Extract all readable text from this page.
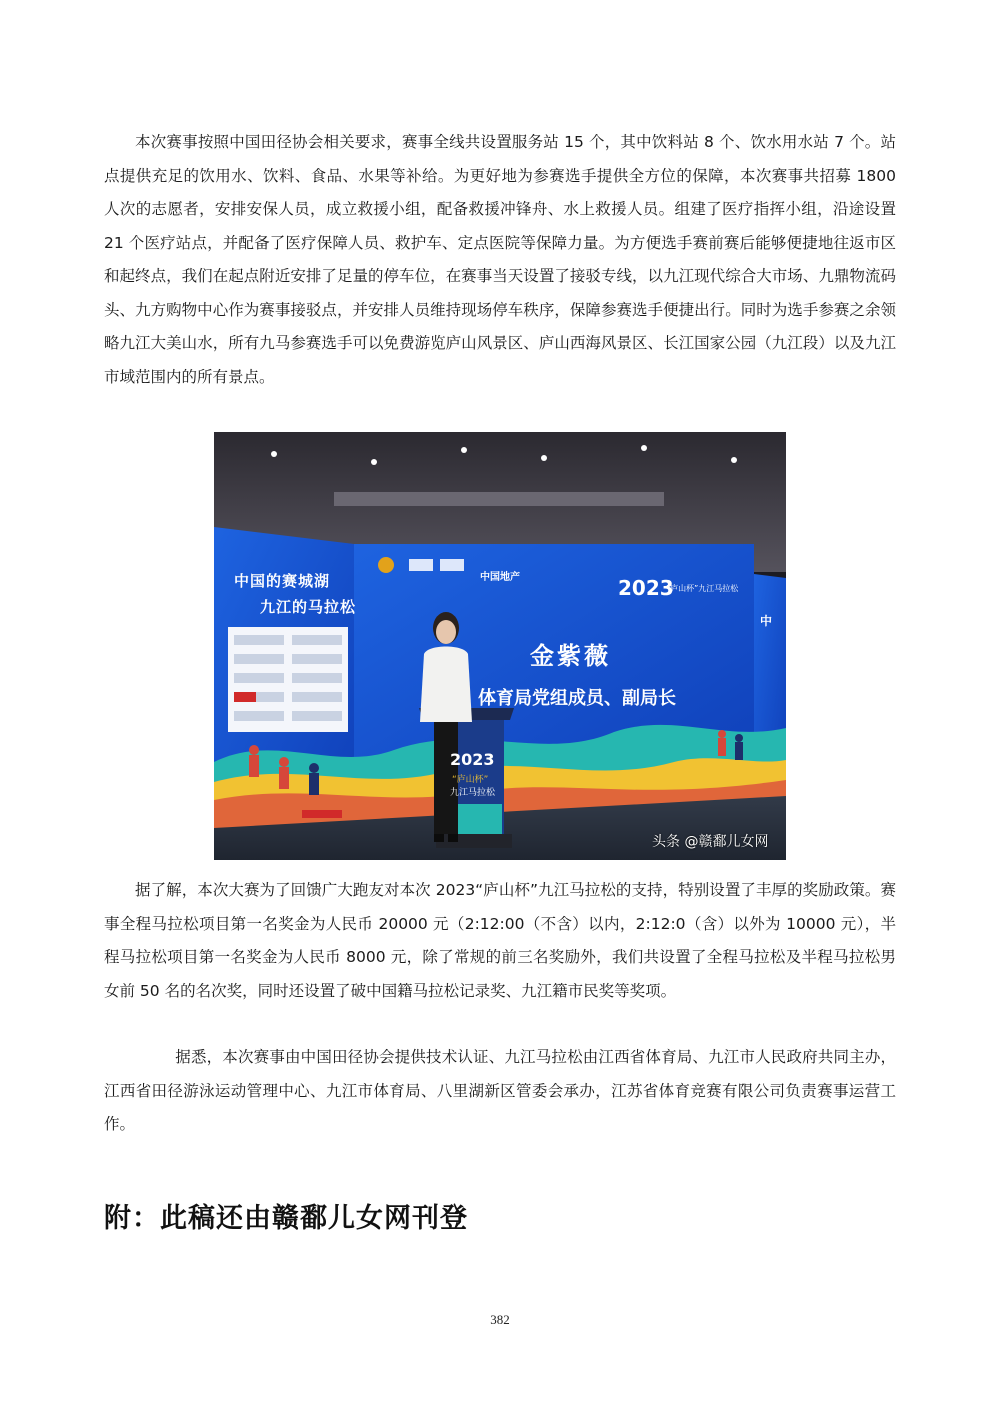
本次赛事按照中国田径协会相关要求，赛事全线共设置服务站 15 个，其中饮料站 8 个、饮水用水站 7 个。站点提供充足的饮用水、饮料、食品、水果等补给。为更好地为参赛选手提供全方位的保障，本次赛事共招募 1800 人次的志愿者，安排安保人员，成立救援小组，配备救援冲锋舟、水上救援人员。组建了医疗指挥小组，沿途设置 21 个医疗站点，并配备了医疗保障人员、救护车、定点医院等保障力量。为方便选手赛前赛后能够便捷地往返市区和起终点，我们在起点附近安排了足量的停车位，在赛事当天设置了接驳专线，以九江现代综合大市场、九鼎物流码头、九方购物中心作为赛事接驳点，并安排人员维持现场停车秩序，保障参赛选手便捷出行。同时为选手参赛之余领略九江大美山水，所有九马参赛选手可以免费游览庐山风景区、庐山西海风景区、长江国家公园（九江段）以及九江市域范围内的所有景点。

中国的赛城湖
九江的马拉松
中国地产	2023
“庐山杯”九江马拉松
金紫薇
体育局党组成员、副局长
2023
“庐山杯”
九江马拉松
中
头条 @赣鄱儿女网

据了解，本次大赛为了回馈广大跑友对本次 2023“庐山杯”九江马拉松的支持，特别设置了丰厚的奖励政策。赛事全程马拉松项目第一名奖金为人民币 20000 元（2:12:00（不含）以内，2:12:0（含）以外为 10000 元），半程马拉松项目第一名奖金为人民币 8000 元，除了常规的前三名奖励外，我们共设置了全程马拉松及半程马拉松男女前 50 名的名次奖，同时还设置了破中国籍马拉松记录奖、九江籍市民奖等奖项。

据悉，本次赛事由中国田径协会提供技术认证、九江马拉松由江西省体育局、九江市人民政府共同主办，江西省田径游泳运动管理中心、九江市体育局、八里湖新区管委会承办，江苏省体育竞赛有限公司负责赛事运营工作。

附：此稿还由赣鄱儿女网刊登
382
